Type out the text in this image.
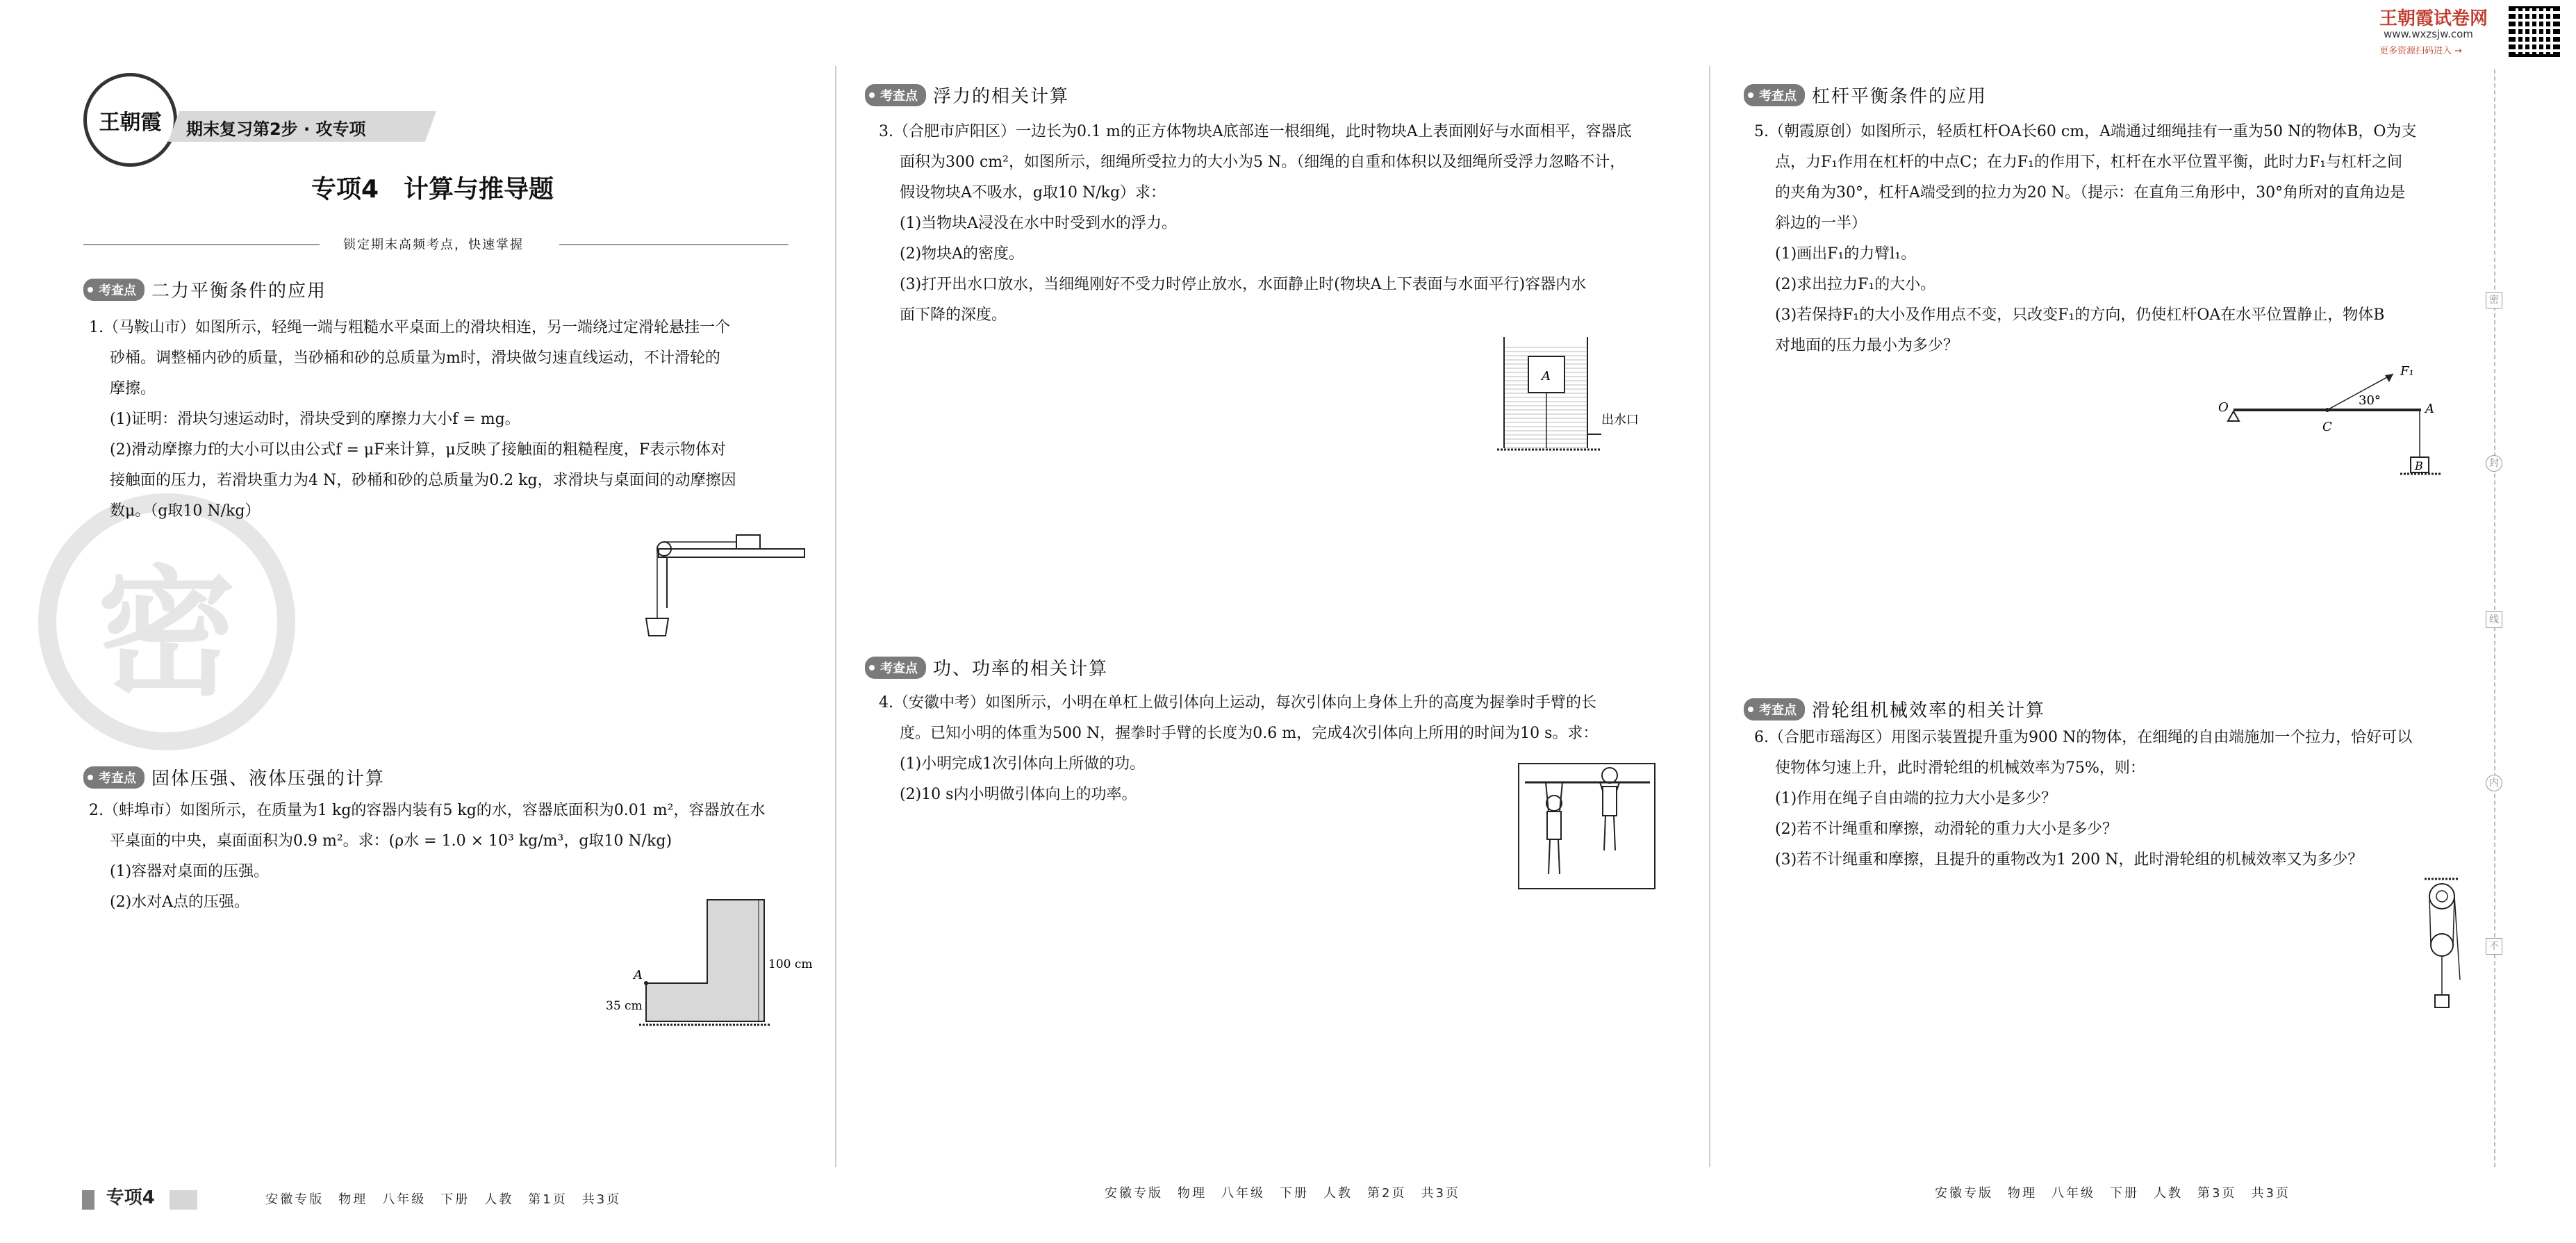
王朝霞试卷网
www.wxzsjw.com
更多资源扫码进入 →
王朝霞 期末复习第2步 · 攻专项
专项4　计算与推导题
锁定期末高频考点，快速掌握
密
考查点 二力平衡条件的应用

1.（马鞍山市）如图所示，轻绳一端与粗糙水平桌面上的滑块相连，另一端绕过定滑轮悬挂一个

砂桶。调整桶内砂的质量，当砂桶和砂的总质量为m时，滑块做匀速直线运动，不计滑轮的

摩擦。

(1)证明：滑块匀速运动时，滑块受到的摩擦力大小f = mg。

(2)滑动摩擦力f的大小可以由公式f = μF来计算，μ反映了接触面的粗糙程度，F表示物体对

接触面的压力，若滑块重力为4 N，砂桶和砂的总质量为0.2 kg，求滑块与桌面间的动摩擦因

数μ。（g取10 N/kg）

考查点 固体压强、液体压强的计算

2.（蚌埠市）如图所示，在质量为1 kg的容器内装有5 kg的水，容器底面积为0.01 m²，容器放在水

平桌面的中央，桌面面积为0.9 m²。求：(ρ水 = 1.0 × 10³ kg/m³，g取10 N/kg)

(1)容器对桌面的压强。

(2)水对A点的压强。

A
100 cm
35 cm
专项4	安徽专版　物理　八年级　下册　人教　第1页　共3页
考查点 浮力的相关计算

3.（合肥市庐阳区）一边长为0.1 m的正方体物块A底部连一根细绳，此时物块A上表面刚好与水面相平，容器底

面积为300 cm²，如图所示，细绳所受拉力的大小为5 N。（细绳的自重和体积以及细绳所受浮力忽略不计，

假设物块A不吸水，g取10 N/kg）求：

(1)当物块A浸没在水中时受到水的浮力。

(2)物块A的密度。

(3)打开出水口放水，当细绳刚好不受力时停止放水，水面静止时(物块A上下表面与水面平行)容器内水

面下降的深度。

A
出水口
考查点 功、功率的相关计算

4.（安徽中考）如图所示，小明在单杠上做引体向上运动，每次引体向上身体上升的高度为握拳时手臂的长

度。已知小明的体重为500 N，握拳时手臂的长度为0.6 m，完成4次引体向上所用的时间为10 s。求：

(1)小明完成1次引体向上所做的功。

(2)10 s内小明做引体向上的功率。

安徽专版　物理　八年级　下册　人教　第2页　共3页
考查点 杠杆平衡条件的应用

5.（朝霞原创）如图所示，轻质杠杆OA长60 cm，A端通过细绳挂有一重为50 N的物体B，O为支

点，力F₁作用在杠杆的中点C；在力F₁的作用下，杠杆在水平位置平衡，此时力F₁与杠杆之间

的夹角为30°，杠杆A端受到的拉力为20 N。（提示：在直角三角形中，30°角所对的直角边是

斜边的一半）

(1)画出F₁的力臂l₁。

(2)求出拉力F₁的大小。

(3)若保持F₁的大小及作用点不变，只改变F₁的方向，仍使杠杆OA在水平位置静止，物体B

对地面的压力最小为多少？

F₁
O	A
C
30°
B
考查点 滑轮组机械效率的相关计算

6.（合肥市瑶海区）用图示装置提升重为900 N的物体，在细绳的自由端施加一个拉力，恰好可以

使物体匀速上升，此时滑轮组的机械效率为75%，则：

(1)作用在绳子自由端的拉力大小是多少？

(2)若不计绳重和摩擦，动滑轮的重力大小是多少？

(3)若不计绳重和摩擦，且提升的重物改为1 200 N，此时滑轮组的机械效率又为多少？

安徽专版　物理　八年级　下册　人教　第3页　共3页
密
封
线
内
不
